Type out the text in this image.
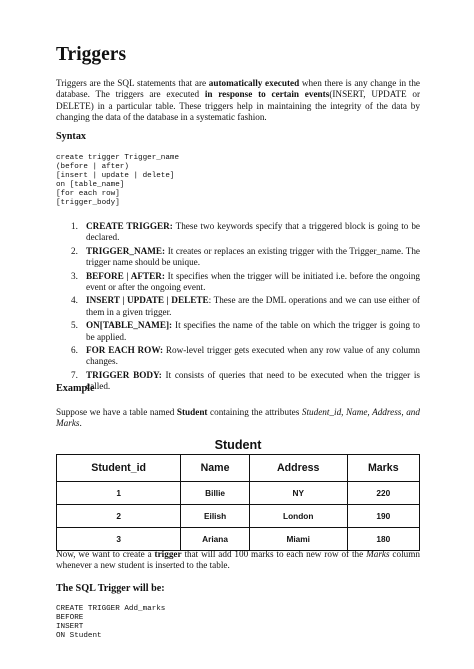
Triggers

Triggers are the SQL statements that are automatically executed when there is any change in the database. The triggers are executed in response to certain events(INSERT, UPDATE or DELETE) in a particular table. These triggers help in maintaining the integrity of the data by changing the data of the database in a systematic fashion.

Syntax
create trigger Trigger_name
(before | after)
[insert | update | delete]
on [table_name]
[for each row]
[trigger_body]
1. CREATE TRIGGER: These two keywords specify that a triggered block is going to be declared.
2. TRIGGER_NAME: It creates or replaces an existing trigger with the Trigger_name. The trigger name should be unique.
3. BEFORE | AFTER: It specifies when the trigger will be initiated i.e. before the ongoing event or after the ongoing event.
4. INSERT | UPDATE | DELETE: These are the DML operations and we can use either of them in a given trigger.
5. ON[TABLE_NAME]: It specifies the name of the table on which the trigger is going to be applied.
6. FOR EACH ROW: Row-level trigger gets executed when any row value of any column changes.
7. TRIGGER BODY: It consists of queries that need to be executed when the trigger is called.
Example

Suppose we have a table named Student containing the attributes Student_id, Name, Address, and Marks.

Student
Student_id	Name	Address	Marks
1	Billie	NY	220
2	Eilish	London	190
3	Ariana	Miami	180

Now, we want to create a trigger that will add 100 marks to each new row of the Marks column whenever a new student is inserted to the table.

The SQL Trigger will be:
CREATE TRIGGER Add_marks
BEFORE
INSERT
ON Student
